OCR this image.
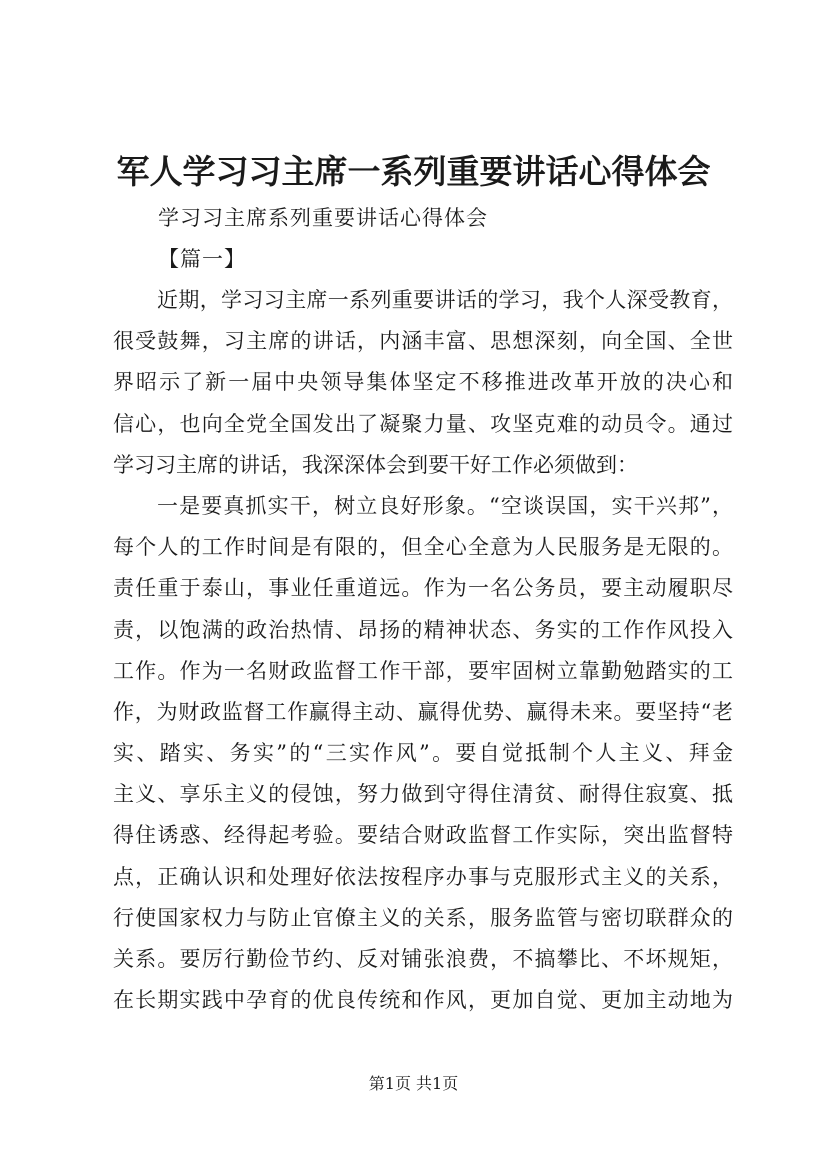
军人学习习主席一系列重要讲话心得体会
学习习主席系列重要讲话心得体会
【篇一】
近期，学习习主席一系列重要讲话的学习，我个人深受教育，
很受鼓舞，习主席的讲话，内涵丰富、思想深刻，向全国、全世
界昭示了新一届中央领导集体坚定不移推进改革开放的决心和
信心，也向全党全国发出了凝聚力量、攻坚克难的动员令。通过
学习习主席的讲话，我深深体会到要干好工作必须做到：
一是要真抓实干，树立良好形象。“空谈误国，实干兴邦”，
每个人的工作时间是有限的，但全心全意为人民服务是无限的。
责任重于泰山，事业任重道远。作为一名公务员，要主动履职尽
责，以饱满的政治热情、昂扬的精神状态、务实的工作作风投入
工作。作为一名财政监督工作干部，要牢固树立靠勤勉踏实的工
作，为财政监督工作赢得主动、赢得优势、赢得未来。要坚持“老
实、踏实、务实”的“三实作风”。要自觉抵制个人主义、拜金
主义、享乐主义的侵蚀，努力做到守得住清贫、耐得住寂寞、抵
得住诱惑、经得起考验。要结合财政监督工作实际，突出监督特
点，正确认识和处理好依法按程序办事与克服形式主义的关系，
行使国家权力与防止官僚主义的关系，服务监管与密切联群众的
关系。要厉行勤俭节约、反对铺张浪费，不搞攀比、不坏规矩，
在长期实践中孕育的优良传统和作风，更加自觉、更加主动地为
第1页 共1页
